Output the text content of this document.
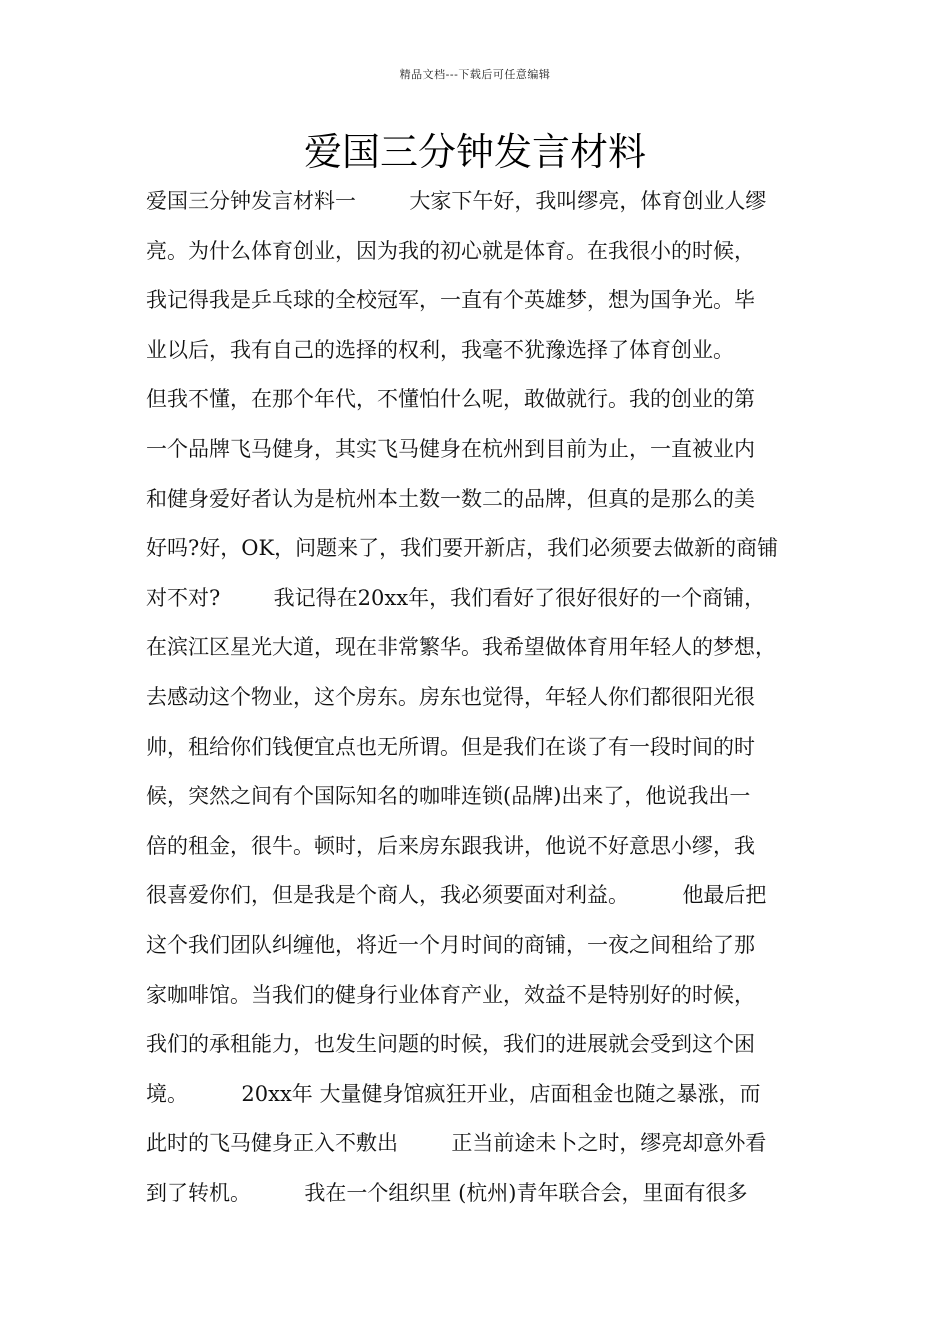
精品文档---下载后可任意编辑
爱国三分钟发言材料
爱国三分钟发言材料一        大家下午好，我叫缪亮，体育创业人缪
亮。为什么体育创业，因为我的初心就是体育。在我很小的时候，
我记得我是乒乓球的全校冠军，一直有个英雄梦，想为国争光。毕
业以后，我有自己的选择的权利，我毫不犹豫选择了体育创业。
但我不懂，在那个年代，不懂怕什么呢，敢做就行。我的创业的第
一个品牌飞马健身，其实飞马健身在杭州到目前为止，一直被业内
和健身爱好者认为是杭州本土数一数二的品牌，但真的是那么的美
好吗?好，OK，问题来了，我们要开新店，我们必须要去做新的商铺
对不对?        我记得在20xx年，我们看好了很好很好的一个商铺，
在滨江区星光大道，现在非常繁华。我希望做体育用年轻人的梦想，
去感动这个物业，这个房东。房东也觉得，年轻人你们都很阳光很
帅，租给你们钱便宜点也无所谓。但是我们在谈了有一段时间的时
候，突然之间有个国际知名的咖啡连锁(品牌)出来了，他说我出一
倍的租金，很牛。顿时，后来房东跟我讲，他说不好意思小缪，我
很喜爱你们，但是我是个商人，我必须要面对利益。        他最后把
这个我们团队纠缠他，将近一个月时间的商铺，一夜之间租给了那
家咖啡馆。当我们的健身行业体育产业，效益不是特别好的时候，
我们的承租能力，也发生问题的时候，我们的进展就会受到这个困
境。        20xx年 大量健身馆疯狂开业，店面租金也随之暴涨，而
此时的飞马健身正入不敷出        正当前途未卜之时，缪亮却意外看
到了转机。        我在一个组织里 (杭州)青年联合会，里面有很多
